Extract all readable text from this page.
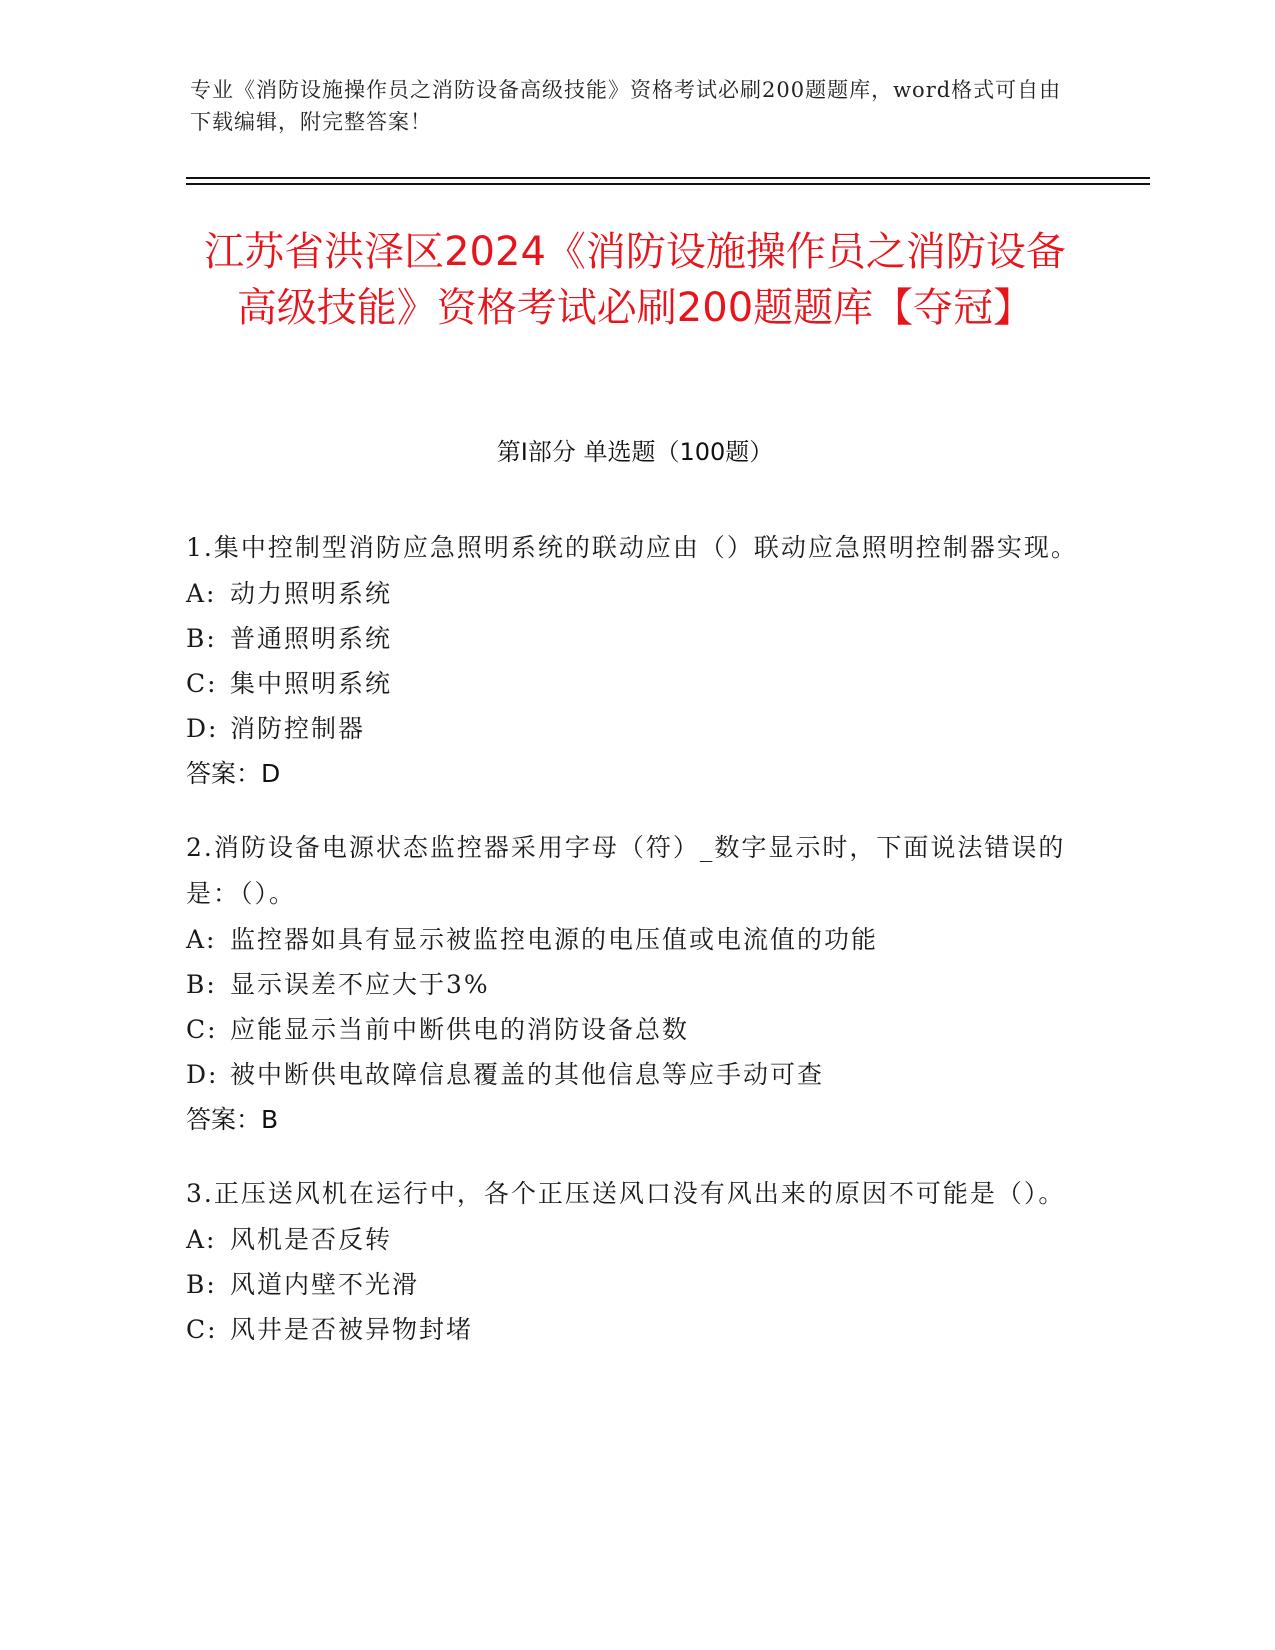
专业《消防设施操作员之消防设备高级技能》资格考试必刷200题题库，word格式可自由下载编辑，附完整答案！
江苏省洪泽区2024《消防设施操作员之消防设备高级技能》资格考试必刷200题题库【夺冠】
第I部分 单选题（100题）
1.集中控制型消防应急照明系统的联动应由（）联动应急照明控制器实现。
A: 动力照明系统
B: 普通照明系统
C: 集中照明系统
D: 消防控制器
答案：D
2.消防设备电源状态监控器采用字母（符）_数字显示时，下面说法错误的是：（）。
A: 监控器如具有显示被监控电源的电压值或电流值的功能
B: 显示误差不应大于3%
C: 应能显示当前中断供电的消防设备总数
D: 被中断供电故障信息覆盖的其他信息等应手动可查
答案：B
3.正压送风机在运行中，各个正压送风口没有风出来的原因不可能是（）。
A: 风机是否反转
B: 风道内壁不光滑
C: 风井是否被异物封堵
